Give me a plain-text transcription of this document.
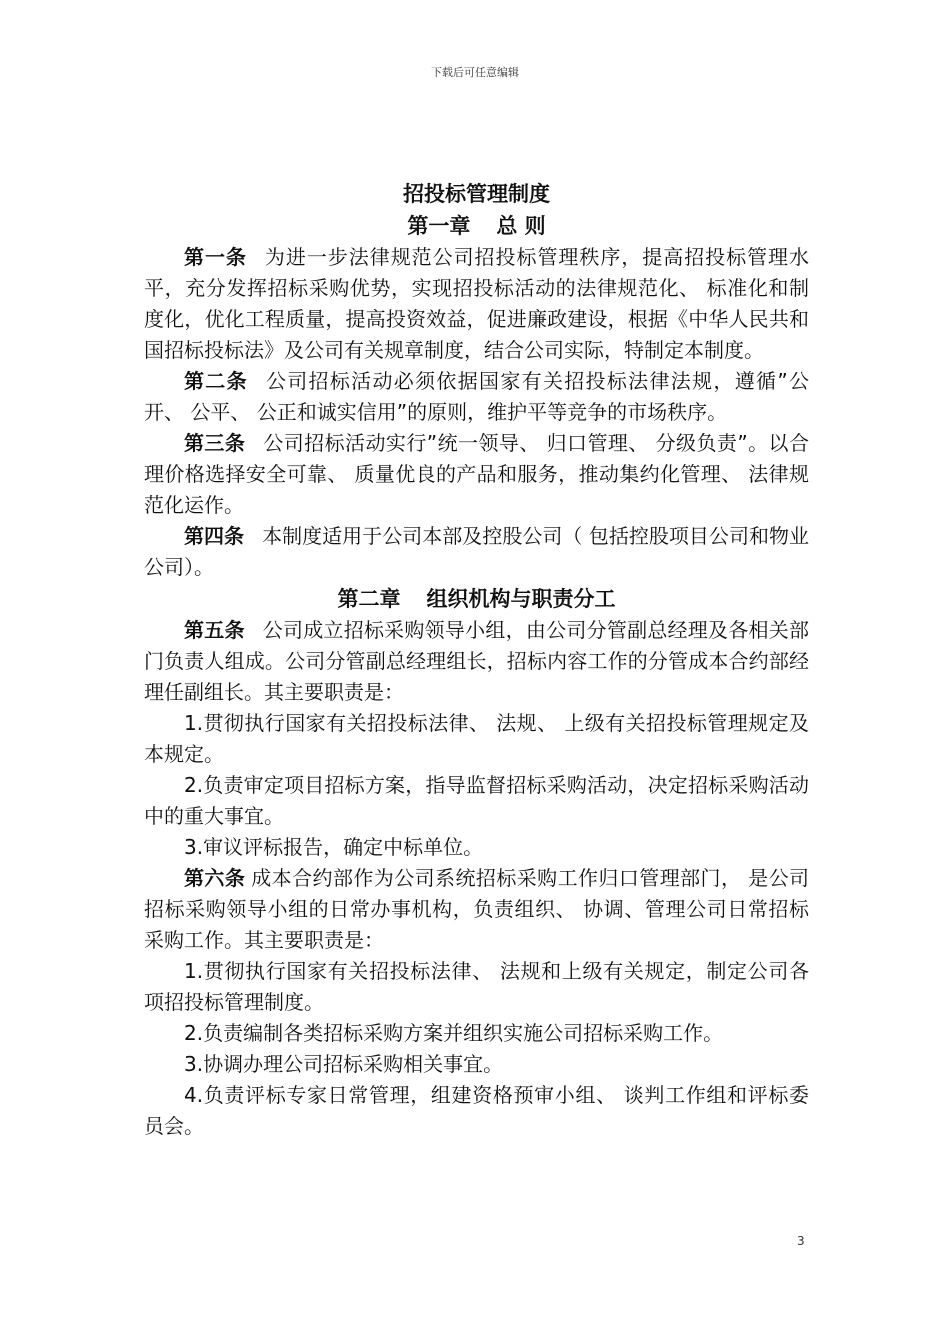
下载后可任意编辑
招投标管理制度
第一章 总 则

第一条 为进一步法律规范公司招投标管理秩序，提高招投标管理水平，充分发挥招标采购优势，实现招投标活动的法律规范化、 标准化和制度化，优化工程质量，提高投资效益，促进廉政建设，根据《中华人民共和国招标投标法》及公司有关规章制度，结合公司实际，特制定本制度。

第二条 公司招标活动必须依据国家有关招投标法律法规，遵循”公开、 公平、 公正和诚实信用”的原则，维护平等竞争的市场秩序。

第三条 公司招标活动实行”统一领导、 归口管理、 分级负责”。以合理价格选择安全可靠、 质量优良的产品和服务，推动集约化管理、 法律规范化运作。

第四条 本制度适用于公司本部及控股公司（ 包括控股项目公司和物业公司）。

第二章 组织机构与职责分工

第五条 公司成立招标采购领导小组，由公司分管副总经理及各相关部门负责人组成。公司分管副总经理组长，招标内容工作的分管成本合约部经理任副组长。其主要职责是：

1.贯彻执行国家有关招投标法律、 法规、 上级有关招投标管理规定及本规定。

2.负责审定项目招标方案，指导监督招标采购活动，决定招标采购活动中的重大事宜。

3.审议评标报告，确定中标单位。

第六条 成本合约部作为公司系统招标采购工作归口管理部门， 是公司招标采购领导小组的日常办事机构，负责组织、 协调、管理公司日常招标采购工作。其主要职责是：

1.贯彻执行国家有关招投标法律、 法规和上级有关规定，制定公司各项招投标管理制度。

2.负责编制各类招标采购方案并组织实施公司招标采购工作。

3.协调办理公司招标采购相关事宜。

4.负责评标专家日常管理，组建资格预审小组、 谈判工作组和评标委员会。

3
